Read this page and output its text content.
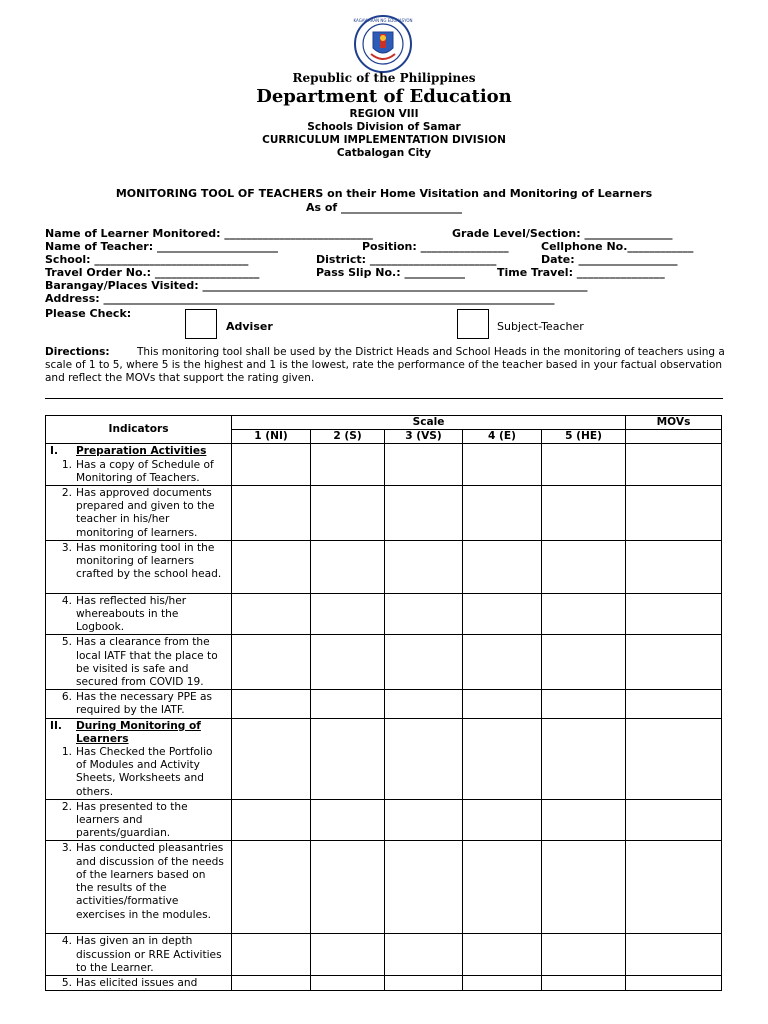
KAGAWARAN NG EDUKASYON
Republic of the Philippines
Department of Education
REGION VIII
Schools Division of Samar
CURRICULUM IMPLEMENTATION DIVISION
Catbalogan City
MONITORING TOOL OF TEACHERS on their Home Visitation and Monitoring of Learners
As of ______________________
Name of Learner Monitored: ___________________________	Grade Level/Section: ________________
Name of Teacher: ______________________	Position: ________________	Cellphone No.____________
School: ____________________________	District: _______________________	Date: __________________
Travel Order No.: ___________________	Pass Slip No.: ___________	Time Travel: ________________
Barangay/Places Visited: ______________________________________________________________________
Address: __________________________________________________________________________________
Please Check:
Adviser	Subject-Teacher
Directions:	This monitoring tool shall be used by the District Heads and School Heads in the monitoring of teachers using a scale of 1 to 5, where 5 is the highest and 1 is the lowest, rate the performance of the teacher based in your factual observation and reflect the MOVs that support the rating given.
Indicators	Scale					MOVs
	1 (NI)	2 (S)	3 (VS)	4 (E)	5 (HE)	

I. Preparation Activities
1. Has a copy of Schedule of Monitoring of Teachers.						

2. Has approved documents prepared and given to the teacher in his/her monitoring of learners.						
3. Has monitoring tool in the monitoring of learners crafted by the school head.						
4. Has reflected his/her whereabouts in the Logbook.						
5. Has a clearance from the local IATF that the place to be visited is safe and secured from COVID 19.						
6. Has the necessary PPE as required by the IATF.						

II. During Monitoring of Learners
1. Has Checked the Portfolio of Modules and Activity Sheets, Worksheets and others.						

2. Has presented to the learners and parents/guardian.						
3. Has conducted pleasantries and discussion of the needs of the learners based on the results of the activities/formative exercises in the modules.						
4. Has given an in depth discussion or RRE Activities to the Learner.						
5. Has elicited issues and						
